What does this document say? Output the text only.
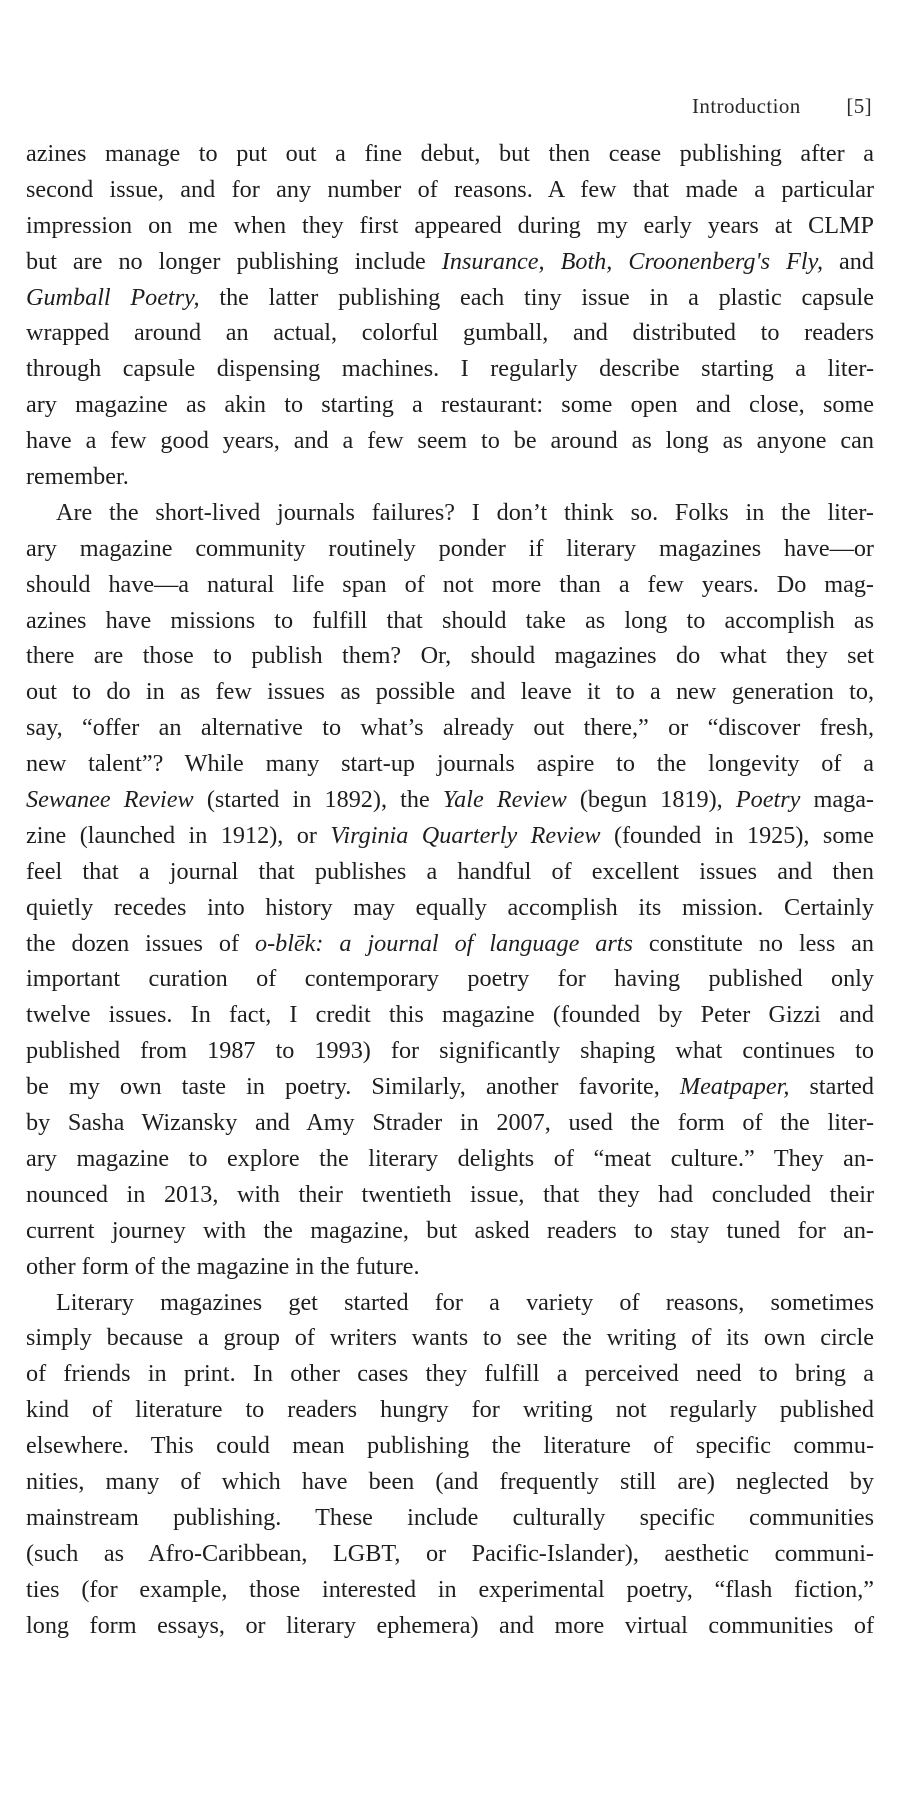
Introduction [5]
azines manage to put out a fine debut, but then cease publishing after a
second issue, and for any number of reasons. A few that made a particular
impression on me when they first appeared during my early years at CLMP
but are no longer publishing include Insurance, Both, Croonenberg's Fly, and
Gumball Poetry, the latter publishing each tiny issue in a plastic capsule
wrapped around an actual, colorful gumball, and distributed to readers
through capsule dispensing machines. I regularly describe starting a liter-
ary magazine as akin to starting a restaurant: some open and close, some
have a few good years, and a few seem to be around as long as anyone can
remember.
Are the short-lived journals failures? I don’t think so. Folks in the liter-
ary magazine community routinely ponder if literary magazines have—or
should have—a natural life span of not more than a few years. Do mag-
azines have missions to fulfill that should take as long to accomplish as
there are those to publish them? Or, should magazines do what they set
out to do in as few issues as possible and leave it to a new generation to,
say, “offer an alternative to what’s already out there,” or “discover fresh,
new talent”? While many start-up journals aspire to the longevity of a
Sewanee Review (started in 1892), the Yale Review (begun 1819), Poetry maga-
zine (launched in 1912), or Virginia Quarterly Review (founded in 1925), some
feel that a journal that publishes a handful of excellent issues and then
quietly recedes into history may equally accomplish its mission. Certainly
the dozen issues of o-blēk: a journal of language arts constitute no less an
important curation of contemporary poetry for having published only
twelve issues. In fact, I credit this magazine (founded by Peter Gizzi and
published from 1987 to 1993) for significantly shaping what continues to
be my own taste in poetry. Similarly, another favorite, Meatpaper, started
by Sasha Wizansky and Amy Strader in 2007, used the form of the liter-
ary magazine to explore the literary delights of “meat culture.” They an-
nounced in 2013, with their twentieth issue, that they had concluded their
current journey with the magazine, but asked readers to stay tuned for an-
other form of the magazine in the future.
Literary magazines get started for a variety of reasons, sometimes
simply because a group of writers wants to see the writing of its own circle
of friends in print. In other cases they fulfill a perceived need to bring a
kind of literature to readers hungry for writing not regularly published
elsewhere. This could mean publishing the literature of specific commu-
nities, many of which have been (and frequently still are) neglected by
mainstream publishing. These include culturally specific communities
(such as Afro-Caribbean, LGBT, or Pacific-Islander), aesthetic communi-
ties (for example, those interested in experimental poetry, “flash fiction,”
long form essays, or literary ephemera) and more virtual communities of
